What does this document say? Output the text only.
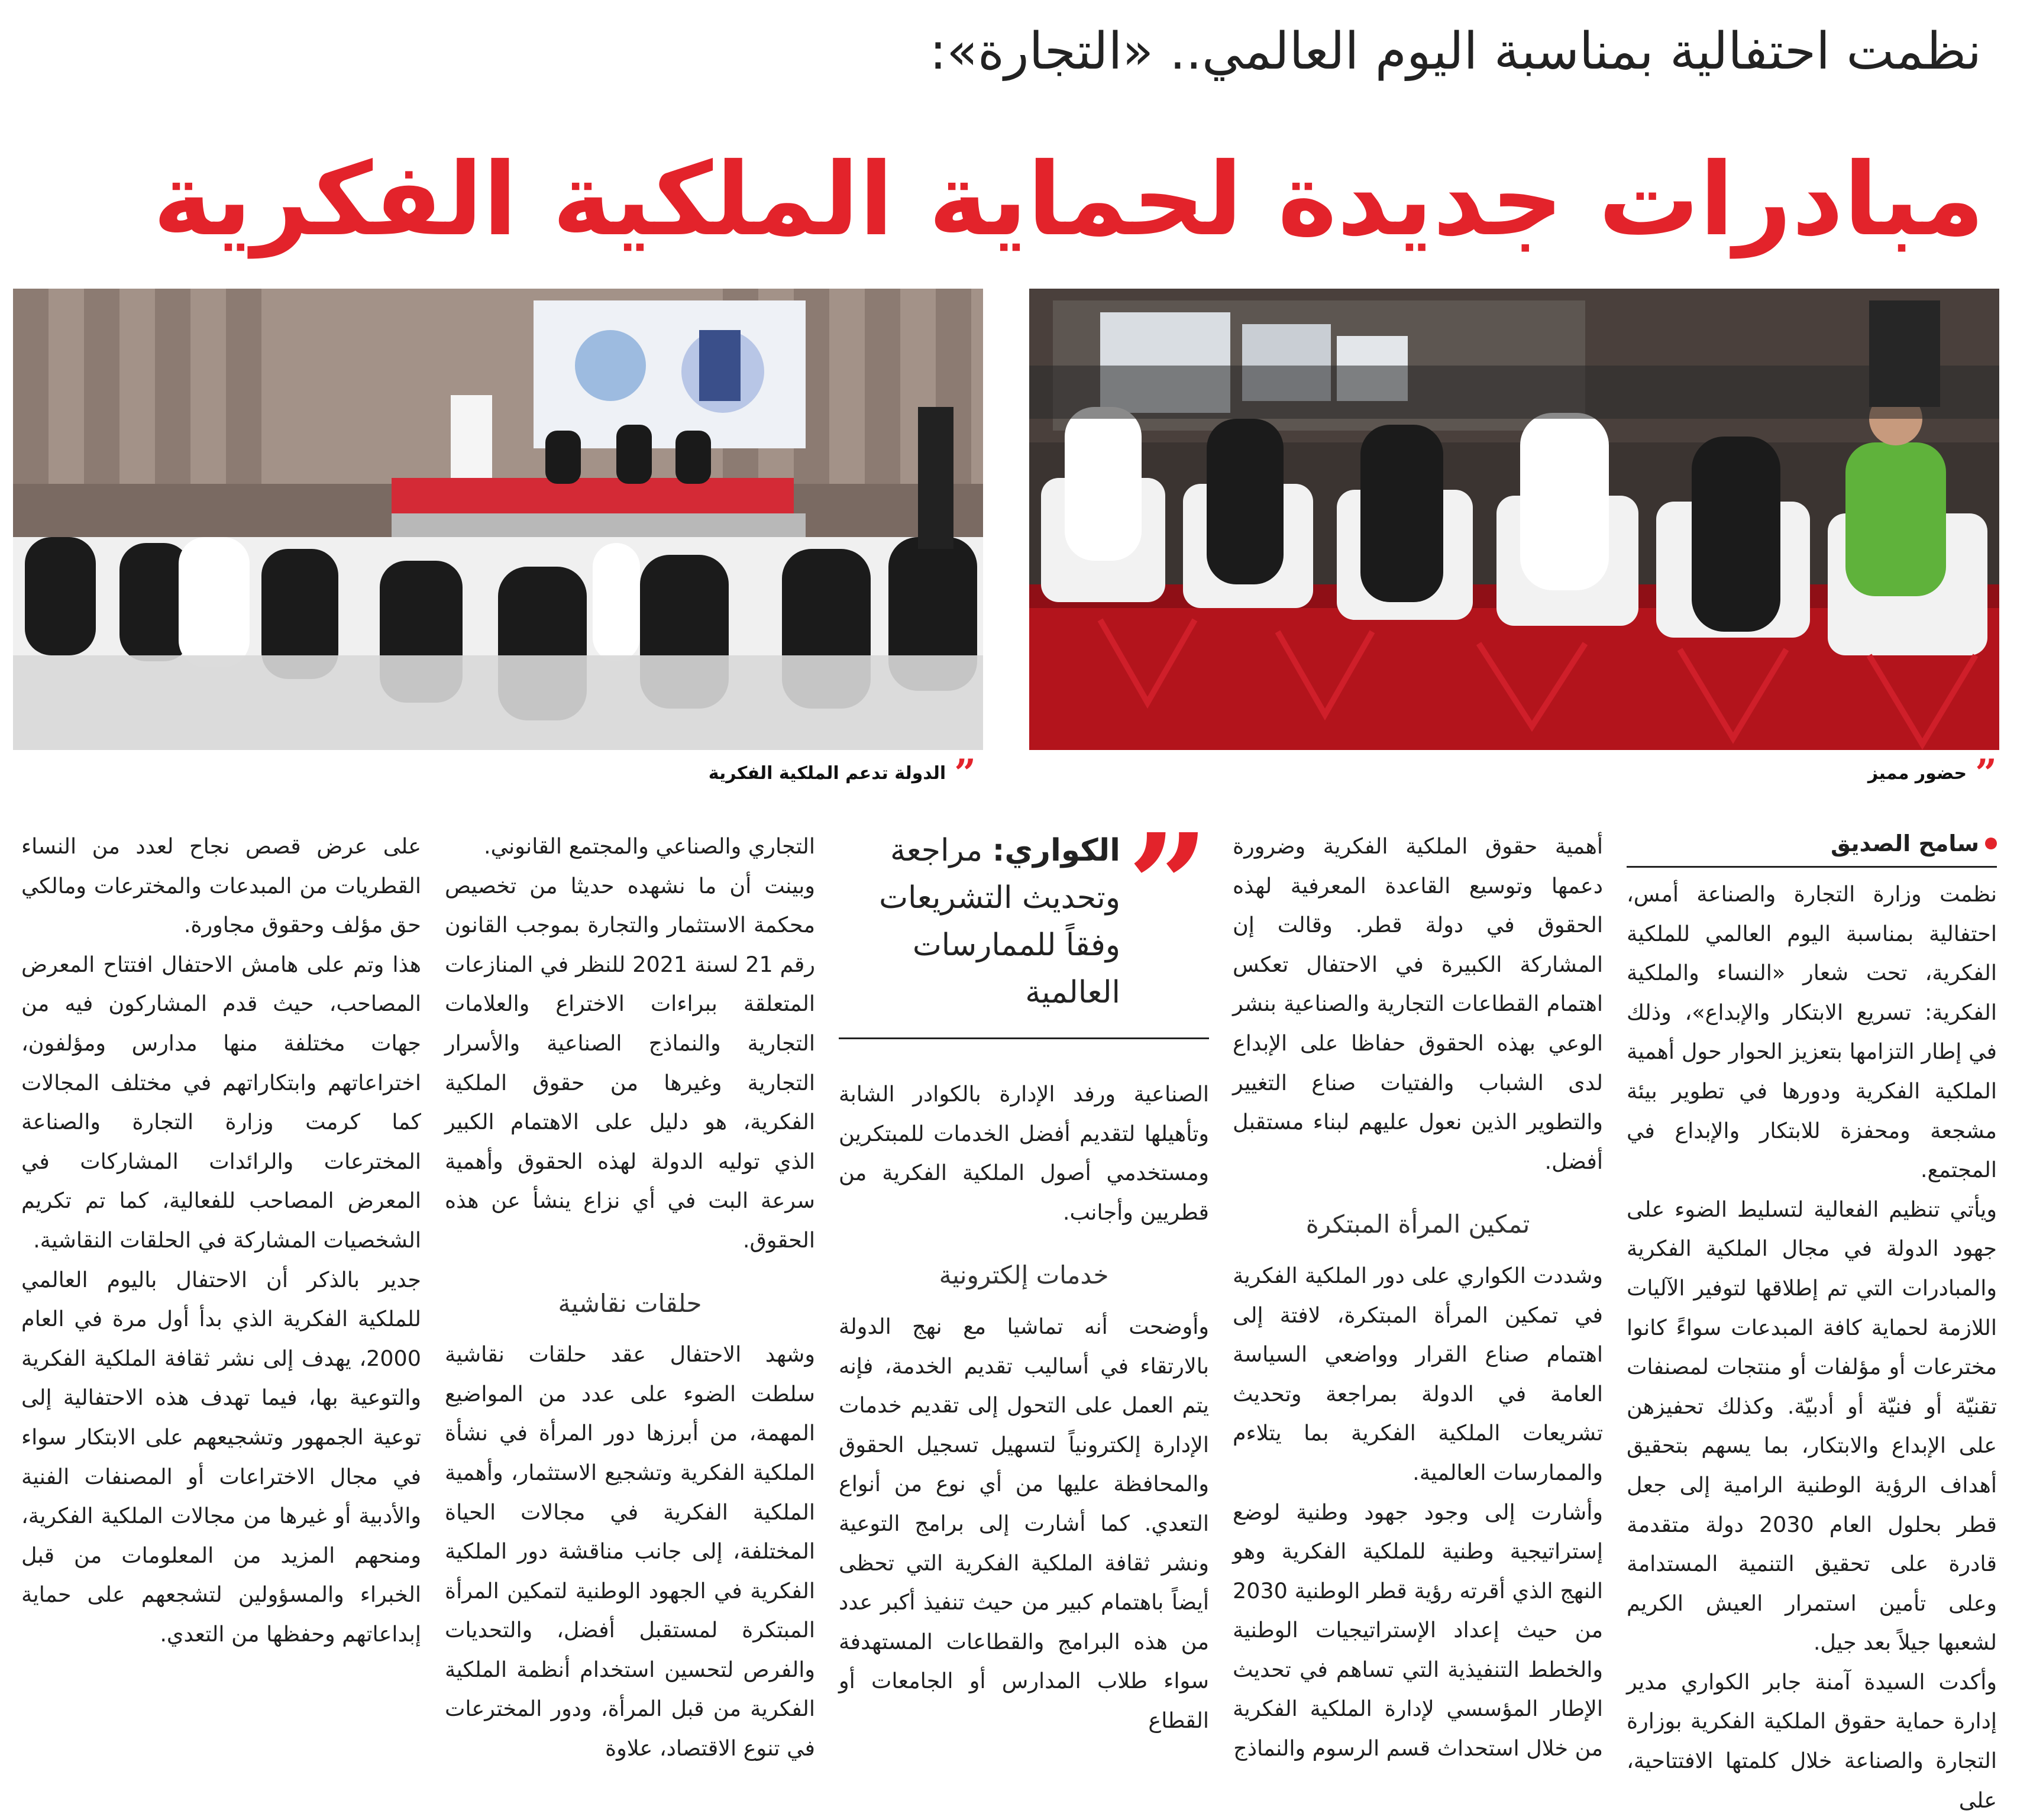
نظمت احتفالية بمناسبة اليوم العالمي.. «التجارة»:
مبادرات جديدة لحماية الملكية الفكرية
”
حضور مميز
”
الدولة تدعم الملكية الفكرية
سامح الصديق

نظمت وزارة التجارة والصناعة أمس، احتفالية بمناسبة اليوم العالمي للملكية الفكرية، تحت شعار «النساء والملكية الفكرية: تسريع الابتكار والإبداع»، وذلك في إطار التزامها بتعزيز الحوار حول أهمية الملكية الفكرية ودورها في تطوير بيئة مشجعة ومحفزة للابتكار والإبداع في المجتمع.

ويأتي تنظيم الفعالية لتسليط الضوء على جهود الدولة في مجال الملكية الفكرية والمبادرات التي تم إطلاقها لتوفير الآليات اللازمة لحماية كافة المبدعات سواءً كانوا مخترعات أو مؤلفات أو منتجات لمصنفات تقنيّة أو فنيّة أو أدبيّة. وكذلك تحفيزهن على الإبداع والابتكار، بما يسهم بتحقيق أهداف الرؤية الوطنية الرامية إلى جعل قطر بحلول العام 2030 دولة متقدمة قادرة على تحقيق التنمية المستدامة وعلى تأمين استمرار العيش الكريم لشعبها جيلاً بعد جيل.

وأكدت السيدة آمنة جابر الكواري مدير إدارة حماية حقوق الملكية الفكرية بوزارة التجارة والصناعة خلال كلمتها الافتتاحية، على

أهمية حقوق الملكية الفكرية وضرورة دعمها وتوسيع القاعدة المعرفية لهذه الحقوق في دولة قطر. وقالت إن المشاركة الكبيرة في الاحتفال تعكس اهتمام القطاعات التجارية والصناعية بنشر الوعي بهذه الحقوق حفاظا على الإبداع لدى الشباب والفتيات صناع التغيير والتطوير الذين نعول عليهم لبناء مستقبل أفضل.

تمكين المرأة المبتكرة

وشددت الكواري على دور الملكية الفكرية في تمكين المرأة المبتكرة، لافتة إلى اهتمام صناع القرار وواضعي السياسة العامة في الدولة بمراجعة وتحديث تشريعات الملكية الفكرية بما يتلاءم والممارسات العالمية.

وأشارت إلى وجود جهود وطنية لوضع إستراتيجية وطنية للملكية الفكرية وهو النهج الذي أقرته رؤية قطر الوطنية 2030 من حيث إعداد الإستراتيجيات الوطنية والخطط التنفيذية التي تساهم في تحديث الإطار المؤسسي لإدارة الملكية الفكرية من خلال استحداث قسم الرسوم والنماذج

”
الكواري: مراجعة وتحديث التشريعات وفقاً للممارسات العالمية

الصناعية ورفد الإدارة بالكوادر الشابة وتأهيلها لتقديم أفضل الخدمات للمبتكرين ومستخدمي أصول الملكية الفكرية من قطريين وأجانب.

خدمات إلكترونية

وأوضحت أنه تماشيا مع نهج الدولة بالارتقاء في أساليب تقديم الخدمة، فإنه يتم العمل على التحول إلى تقديم خدمات الإدارة إلكترونياً لتسهيل تسجيل الحقوق والمحافظة عليها من أي نوع من أنواع التعدي. كما أشارت إلى برامج التوعية ونشر ثقافة الملكية الفكرية التي تحظى أيضاً باهتمام كبير من حيث تنفيذ أكبر عدد من هذه البرامج والقطاعات المستهدفة سواء طلاب المدارس أو الجامعات أو القطاع

التجاري والصناعي والمجتمع القانوني.

وبينت أن ما نشهده حديثا من تخصيص محكمة الاستثمار والتجارة بموجب القانون رقم 21 لسنة 2021 للنظر في المنازعات المتعلقة ببراءات الاختراع والعلامات التجارية والنماذج الصناعية والأسرار التجارية وغيرها من حقوق الملكية الفكرية، هو دليل على الاهتمام الكبير الذي توليه الدولة لهذه الحقوق وأهمية سرعة البت في أي نزاع ينشأ عن هذه الحقوق.

حلقات نقاشية

وشهد الاحتفال عقد حلقات نقاشية سلطت الضوء على عدد من المواضيع المهمة، من أبرزها دور المرأة في نشأة الملكية الفكرية وتشجيع الاستثمار، وأهمية الملكية الفكرية في مجالات الحياة المختلفة، إلى جانب مناقشة دور الملكية الفكرية في الجهود الوطنية لتمكين المرأة المبتكرة لمستقبل أفضل، والتحديات والفرص لتحسين استخدام أنظمة الملكية الفكرية من قبل المرأة، ودور المخترعات في تنوع الاقتصاد، علاوة

على عرض قصص نجاح لعدد من النساء القطريات من المبدعات والمخترعات ومالكي حق مؤلف وحقوق مجاورة.

هذا وتم على هامش الاحتفال افتتاح المعرض المصاحب، حيث قدم المشاركون فيه من جهات مختلفة منها مدارس ومؤلفون، اختراعاتهم وابتكاراتهم في مختلف المجالات كما كرمت وزارة التجارة والصناعة المخترعات والرائدات المشاركات في المعرض المصاحب للفعالية، كما تم تكريم الشخصيات المشاركة في الحلقات النقاشية.

جدير بالذكر أن الاحتفال باليوم العالمي للملكية الفكرية الذي بدأ أول مرة في العام 2000، يهدف إلى نشر ثقافة الملكية الفكرية والتوعية بها، فيما تهدف هذه الاحتفالية إلى توعية الجمهور وتشجيعهم على الابتكار سواء في مجال الاختراعات أو المصنفات الفنية والأدبية أو غيرها من مجالات الملكية الفكرية، ومنحهم المزيد من المعلومات من قبل الخبراء والمسؤولين لتشجعهم على حماية إبداعاتهم وحفظها من التعدي.
